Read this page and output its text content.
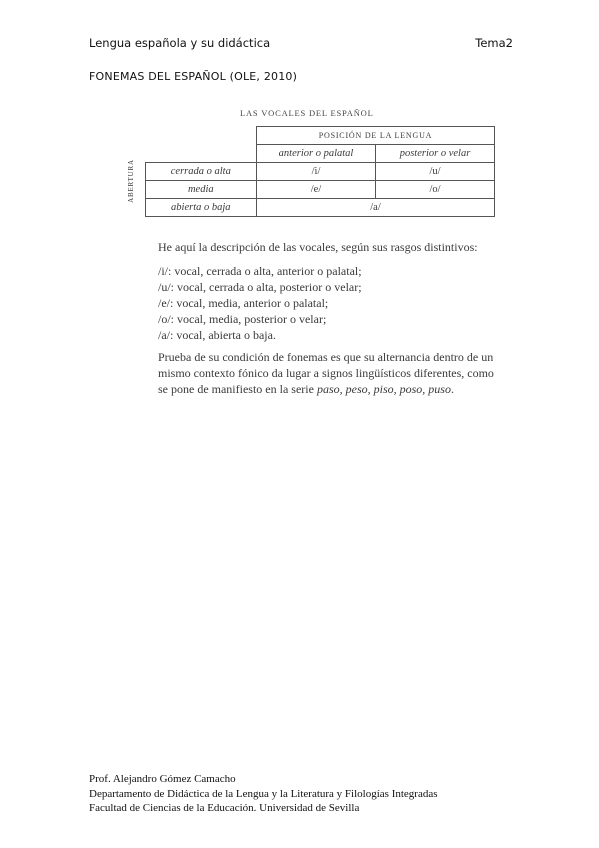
Lengua española y su didáctica	Tema2
FONEMAS DEL ESPAÑOL (OLE, 2010)
LAS VOCALES DEL ESPAÑOL
		POSICIÓN DE LA LENGUA	
		anterior o palatal	posterior o velar

ABERTURA	cerrada o alta	/i/	/u/
	media	/e/	/o/
	abierta o baja	/a/	

He aquí la descripción de las vocales, según sus rasgos distintivos:

/i/: vocal, cerrada o alta, anterior o palatal;

/u/: vocal, cerrada o alta, posterior o velar;

/e/: vocal, media, anterior o palatal;

/o/: vocal, media, posterior o velar;

/a/: vocal, abierta o baja.

Prueba de su condición de fonemas es que su alternancia dentro de un mismo contexto fónico da lugar a signos lingüísticos diferentes, como se pone de manifiesto en la serie paso, peso, piso, poso, puso.

Prof. Alejandro Gómez Camacho
Departamento de Didáctica de la Lengua y la Literatura y Filologías Integradas
Facultad de Ciencias de la Educación. Universidad de Sevilla
